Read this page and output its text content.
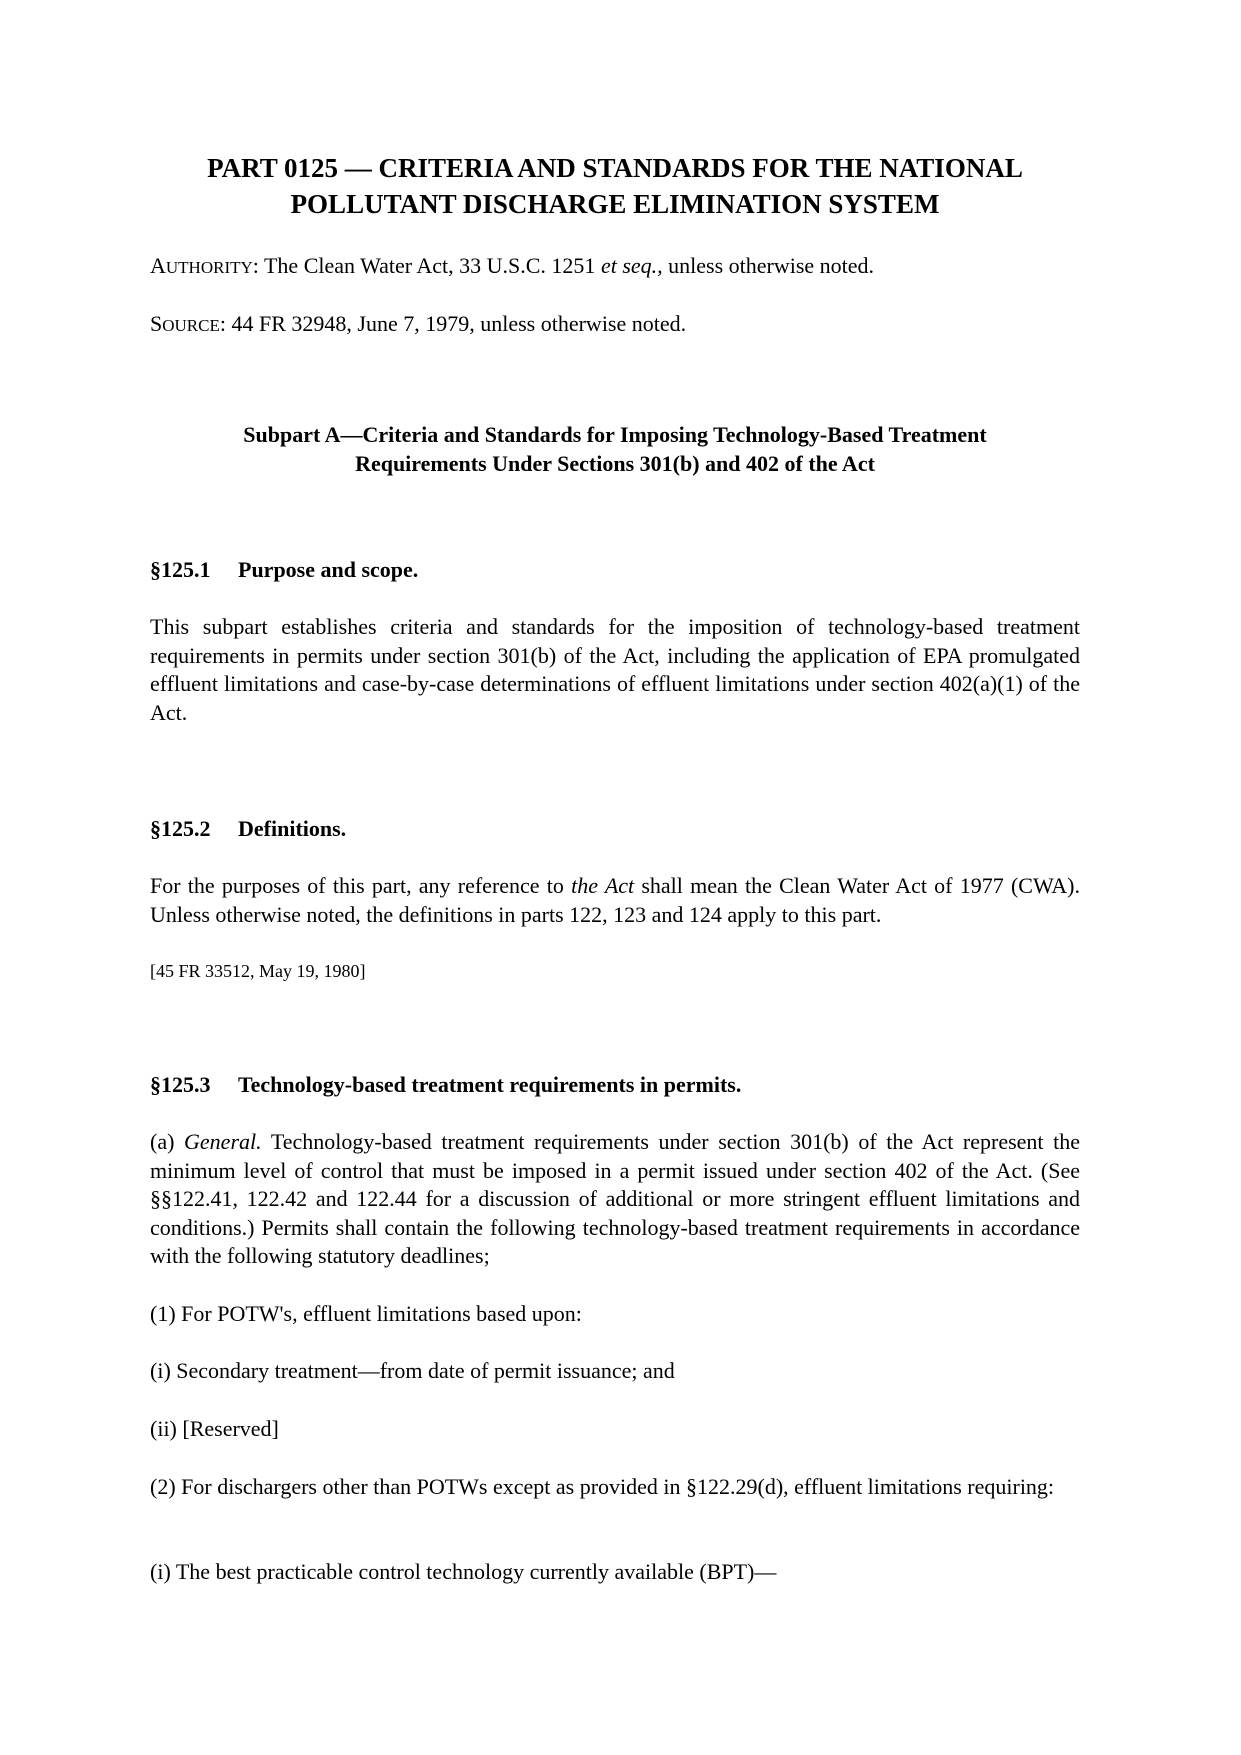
PART 0125 — CRITERIA AND STANDARDS FOR THE NATIONAL
POLLUTANT DISCHARGE ELIMINATION SYSTEM

AUTHORITY: The Clean Water Act, 33 U.S.C. 1251 et seq., unless otherwise noted.

SOURCE: 44 FR 32948, June 7, 1979, unless otherwise noted.

Subpart A—Criteria and Standards for Imposing Technology-Based Treatment
Requirements Under Sections 301(b) and 402 of the Act

§125.1 Purpose and scope.

This subpart establishes criteria and standards for the imposition of technology-based treatment requirements in permits under section 301(b) of the Act, including the application of EPA promulgated effluent limitations and case-by-case determinations of effluent limitations under section 402(a)(1) of the Act.

§125.2 Definitions.

For the purposes of this part, any reference to the Act shall mean the Clean Water Act of 1977 (CWA). Unless otherwise noted, the definitions in parts 122, 123 and 124 apply to this part.

[45 FR 33512, May 19, 1980]

§125.3 Technology-based treatment requirements in permits.

(a) General. Technology-based treatment requirements under section 301(b) of the Act represent the minimum level of control that must be imposed in a permit issued under section 402 of the Act. (See §§122.41, 122.42 and 122.44 for a discussion of additional or more stringent effluent limitations and conditions.) Permits shall contain the following technology-based treatment requirements in accordance with the following statutory deadlines;

(1) For POTW's, effluent limitations based upon:

(i) Secondary treatment—from date of permit issuance; and

(ii) [Reserved]

(2) For dischargers other than POTWs except as provided in §122.29(d), effluent limitations requiring:

(i) The best practicable control technology currently available (BPT)—
